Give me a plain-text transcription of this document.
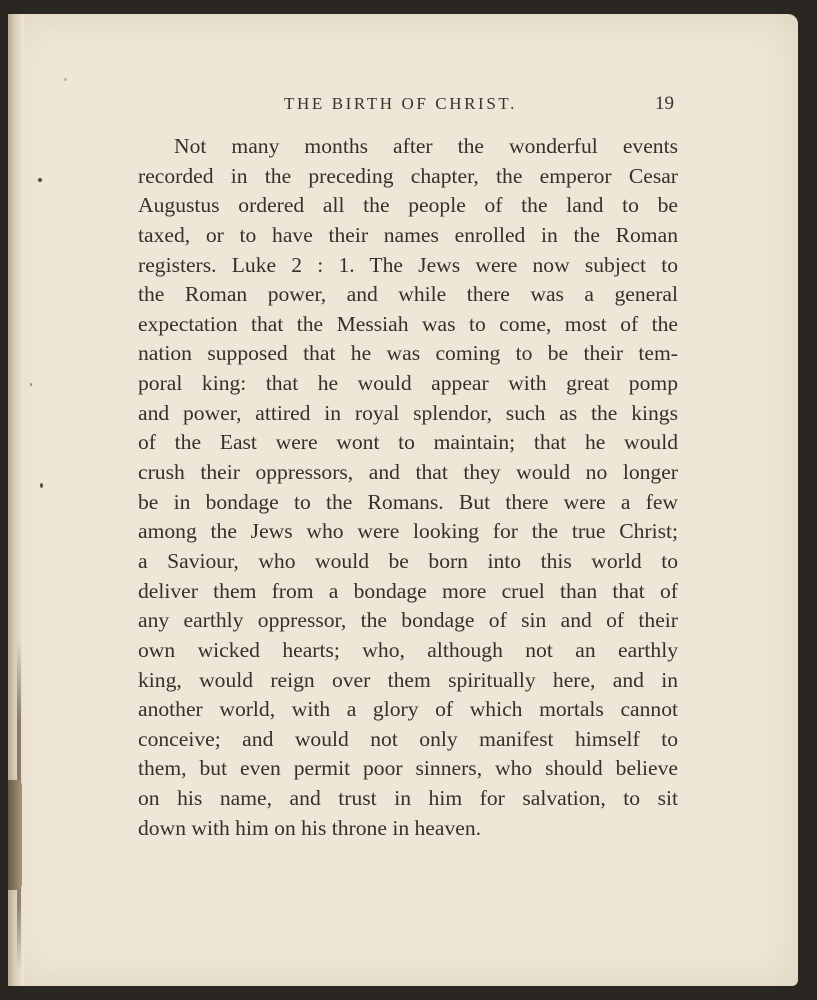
THE BIRTH OF CHRIST.	19
Not many months after the wonderful events
recorded in the preceding chapter, the emperor Cesar
Augustus ordered all the people of the land to be
taxed, or to have their names enrolled in the Roman
registers. Luke 2 : 1. The Jews were now subject to
the Roman power, and while there was a general
expectation that the Messiah was to come, most of the
nation supposed that he was coming to be their tem-
poral king: that he would appear with great pomp
and power, attired in royal splendor, such as the kings
of the East were wont to maintain; that he would
crush their oppressors, and that they would no longer
be in bondage to the Romans. But there were a few
among the Jews who were looking for the true Christ;
a Saviour, who would be born into this world to
deliver them from a bondage more cruel than that of
any earthly oppressor, the bondage of sin and of their
own wicked hearts; who, although not an earthly
king, would reign over them spiritually here, and in
another world, with a glory of which mortals cannot
conceive; and would not only manifest himself to
them, but even permit poor sinners, who should believe
on his name, and trust in him for salvation, to sit
down with him on his throne in heaven.
